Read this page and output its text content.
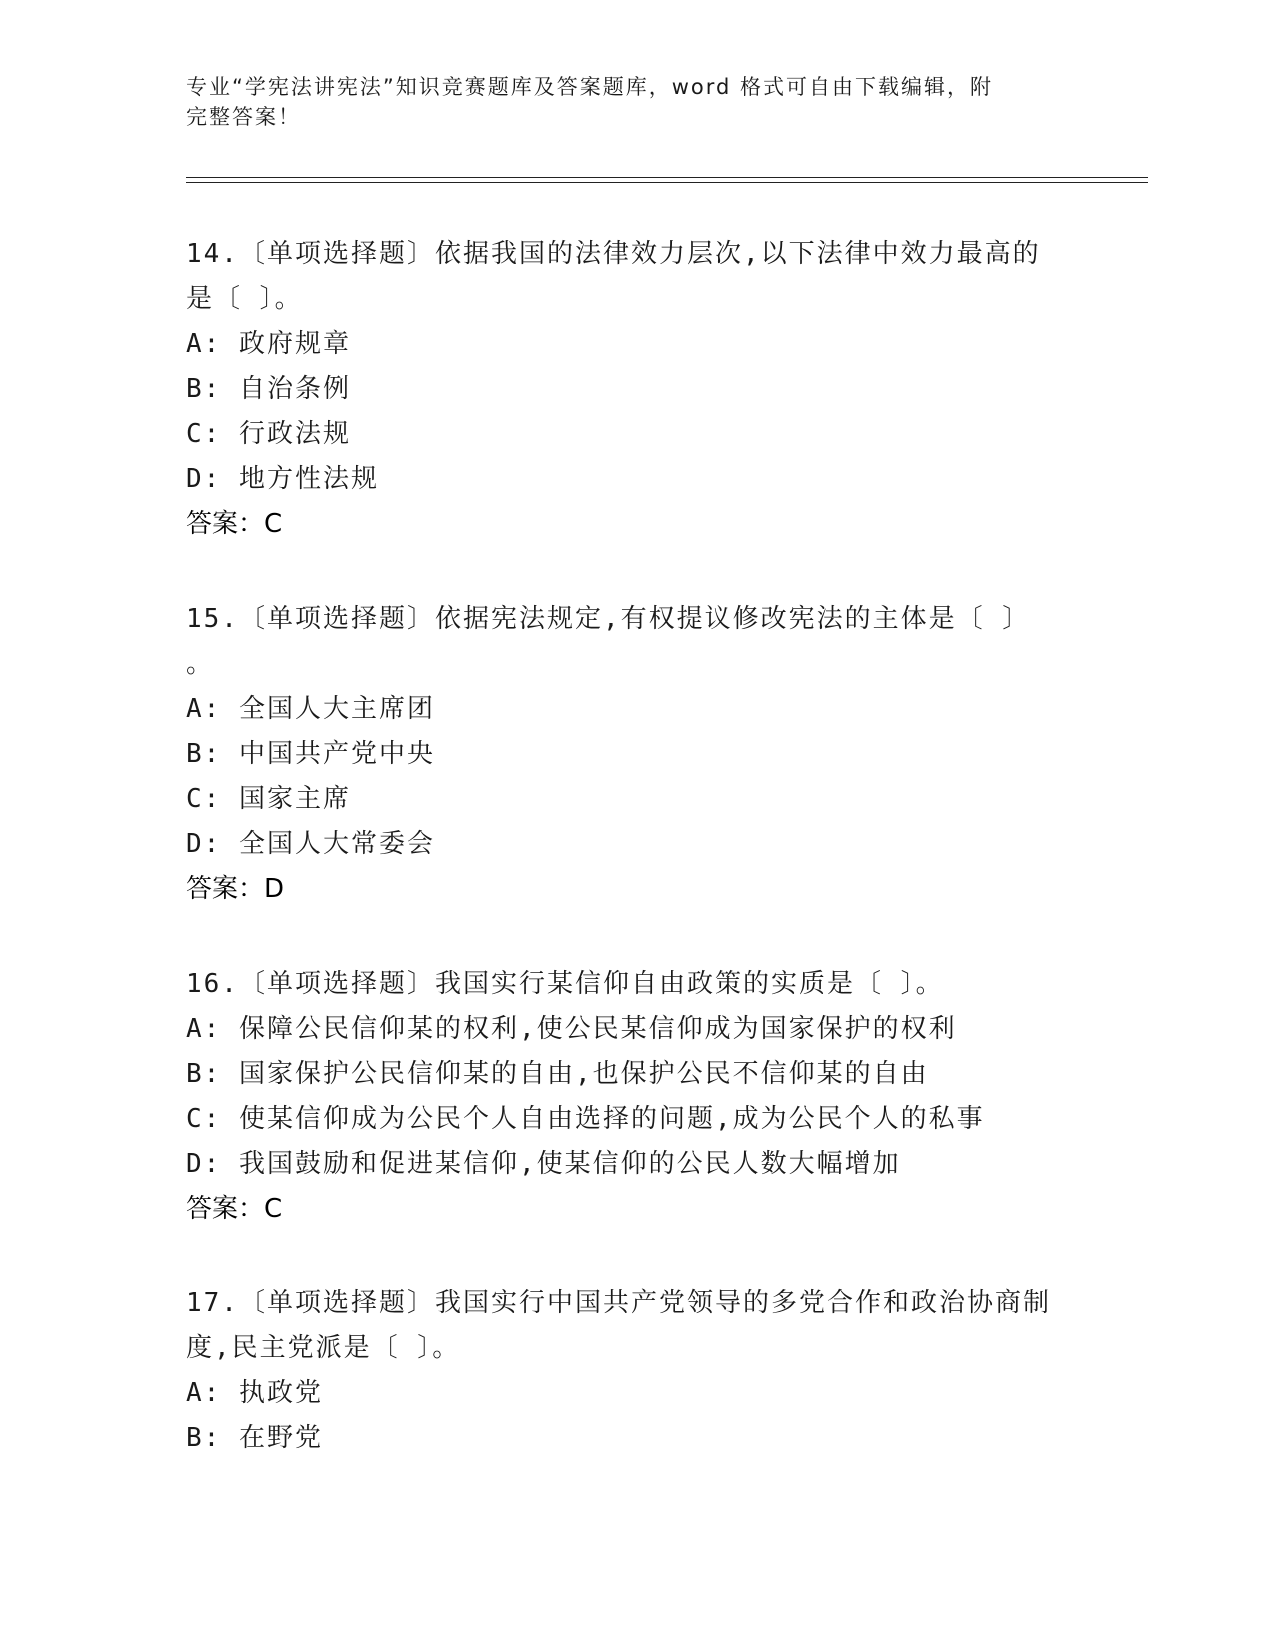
专业“学宪法讲宪法”知识竞赛题库及答案题库，word 格式可自由下载编辑，附
完整答案！

14.〔单项选择题〕依据我国的法律效力层次,以下法律中效力最高的

是〔 〕。

A: 政府规章

B: 自治条例

C: 行政法规

D: 地方性法规

答案：C

15.〔单项选择题〕依据宪法规定,有权提议修改宪法的主体是〔 〕

。

A: 全国人大主席团

B: 中国共产党中央

C: 国家主席

D: 全国人大常委会

答案：D

16.〔单项选择题〕我国实行某信仰自由政策的实质是〔 〕。

A: 保障公民信仰某的权利,使公民某信仰成为国家保护的权利

B: 国家保护公民信仰某的自由,也保护公民不信仰某的自由

C: 使某信仰成为公民个人自由选择的问题,成为公民个人的私事

D: 我国鼓励和促进某信仰,使某信仰的公民人数大幅增加

答案：C

17.〔单项选择题〕我国实行中国共产党领导的多党合作和政治协商制

度,民主党派是〔 〕。

A: 执政党

B: 在野党
